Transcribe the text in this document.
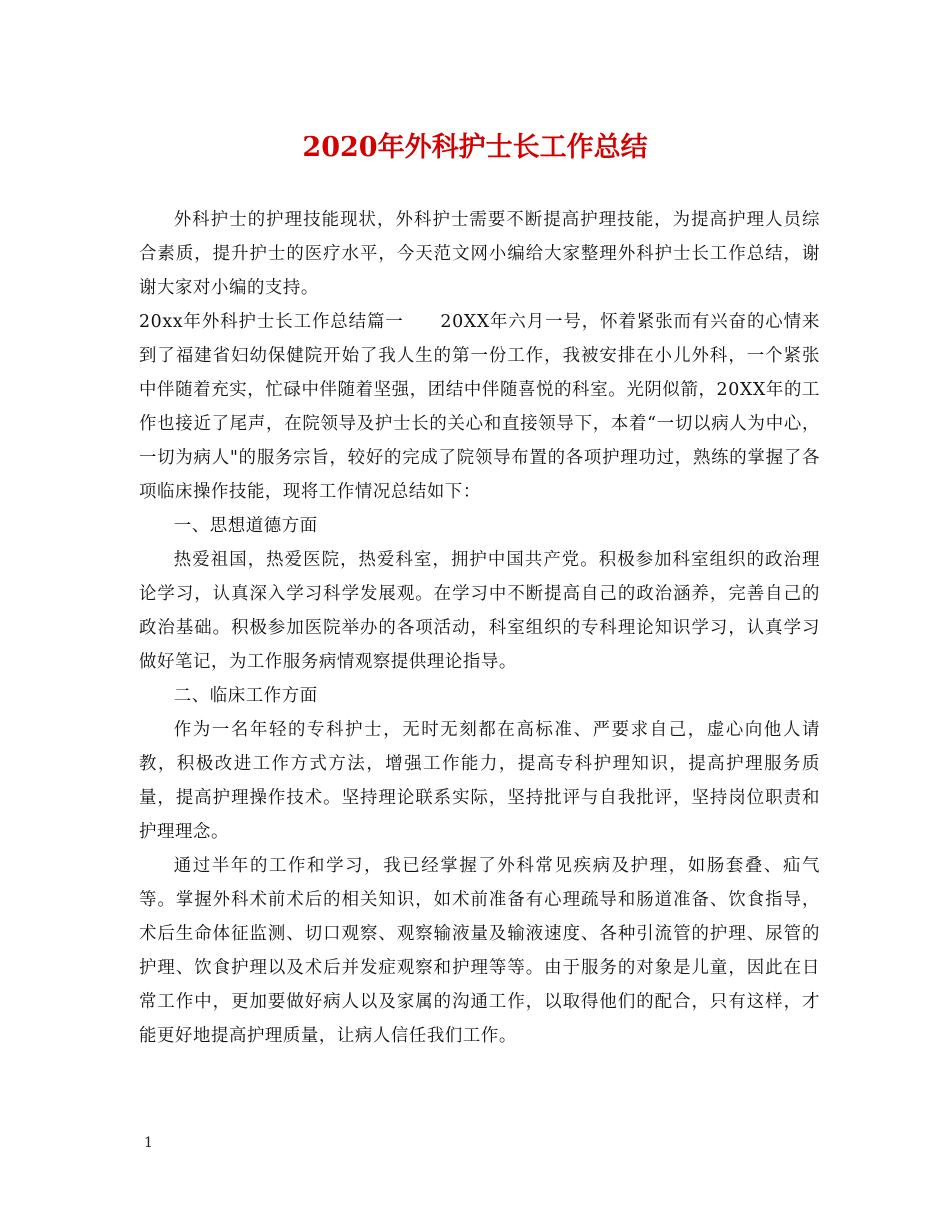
2020年外科护士长工作总结

外科护士的护理技能现状，外科护士需要不断提高护理技能，为提高护理人员综合素质，提升护士的医疗水平，今天范文网小编给大家整理外科护士长工作总结，谢谢大家对小编的支持。

20xx年外科护士长工作总结篇一　　20XX年六月一号，怀着紧张而有兴奋的心情来到了福建省妇幼保健院开始了我人生的第一份工作，我被安排在小儿外科，一个紧张中伴随着充实，忙碌中伴随着坚强，团结中伴随喜悦的科室。光阴似箭，20XX年的工作也接近了尾声，在院领导及护士长的关心和直接领导下，本着“一切以病人为中心，一切为病人"的服务宗旨，较好的完成了院领导布置的各项护理功过，熟练的掌握了各项临床操作技能，现将工作情况总结如下：

一、思想道德方面

热爱祖国，热爱医院，热爱科室，拥护中国共产党。积极参加科室组织的政治理论学习，认真深入学习科学发展观。在学习中不断提高自己的政治涵养，完善自己的政治基础。积极参加医院举办的各项活动，科室组织的专科理论知识学习，认真学习做好笔记，为工作服务病情观察提供理论指导。

二、临床工作方面

作为一名年轻的专科护士，无时无刻都在高标准、严要求自己，虚心向他人请教，积极改进工作方式方法，增强工作能力，提高专科护理知识，提高护理服务质量，提高护理操作技术。坚持理论联系实际，坚持批评与自我批评，坚持岗位职责和护理理念。

通过半年的工作和学习，我已经掌握了外科常见疾病及护理，如肠套叠、疝气等。掌握外科术前术后的相关知识，如术前准备有心理疏导和肠道准备、饮食指导，术后生命体征监测、切口观察、观察输液量及输液速度、各种引流管的护理、尿管的护理、饮食护理以及术后并发症观察和护理等等。由于服务的对象是儿童，因此在日常工作中，更加要做好病人以及家属的沟通工作，以取得他们的配合，只有这样，才能更好地提高护理质量，让病人信任我们工作。

1
